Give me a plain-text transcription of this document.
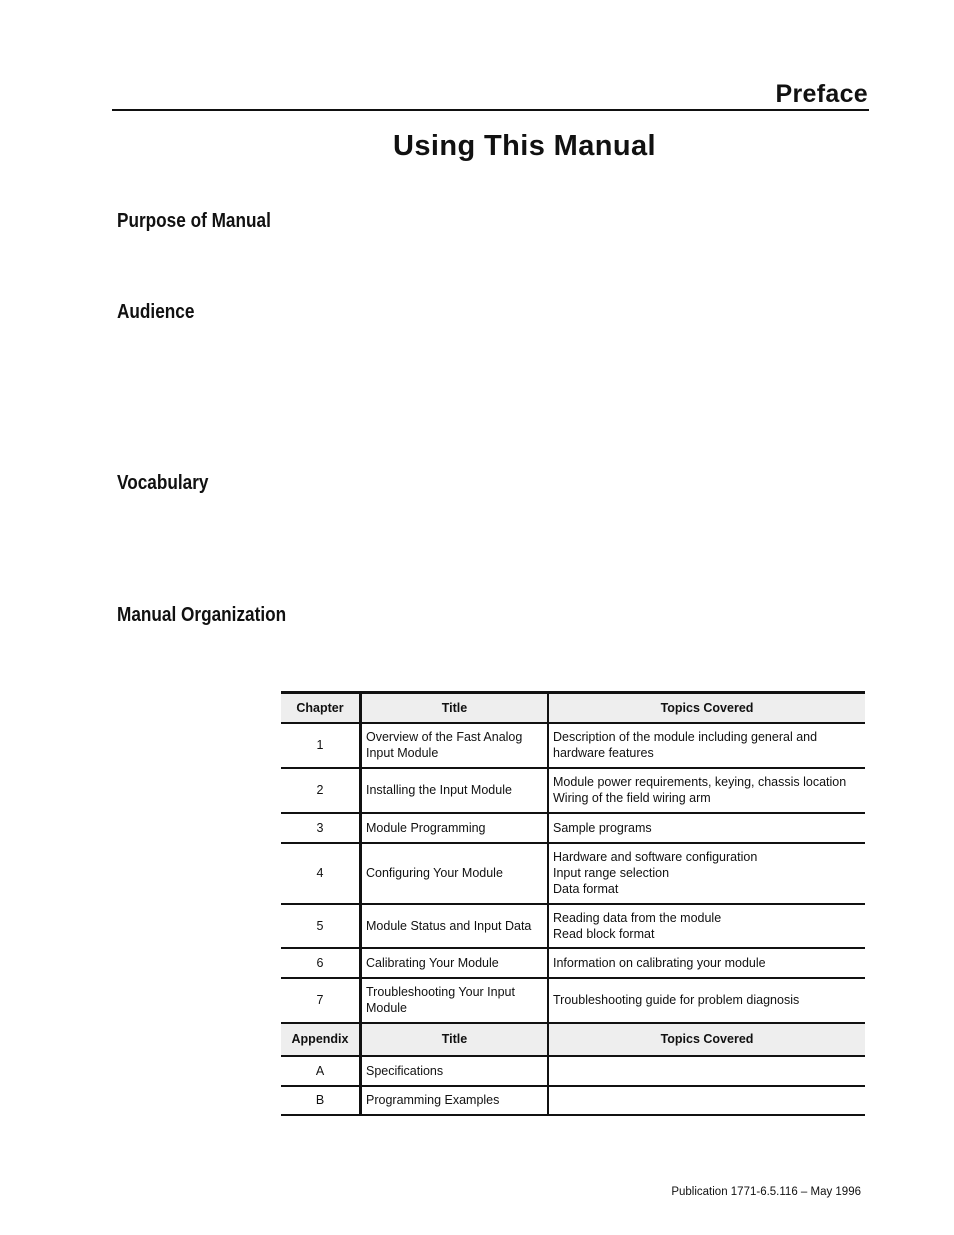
Preface
Using This Manual
Purpose of Manual
Audience
Vocabulary
Manual Organization
Chapter	Title	Topics Covered
1	Overview of the Fast Analog Input Module	Description of the module including general and hardware features

2	Installing the Input Module	Module power requirements, keying, chassis location
Wiring of the field wiring arm

3	Module Programming	Sample programs

4	Configuring Your Module	Hardware and software configuration
Input range selection
Data format

5	Module Status and Input Data	Reading data from the module
Read block format

6	Calibrating Your Module	Information on calibrating your module

7	Troubleshooting Your Input Module	Troubleshooting guide for problem diagnosis

Appendix	Title	Topics Covered
A	Specifications	
B	Programming Examples	
Publication 1771-6.5.116 – May 1996
